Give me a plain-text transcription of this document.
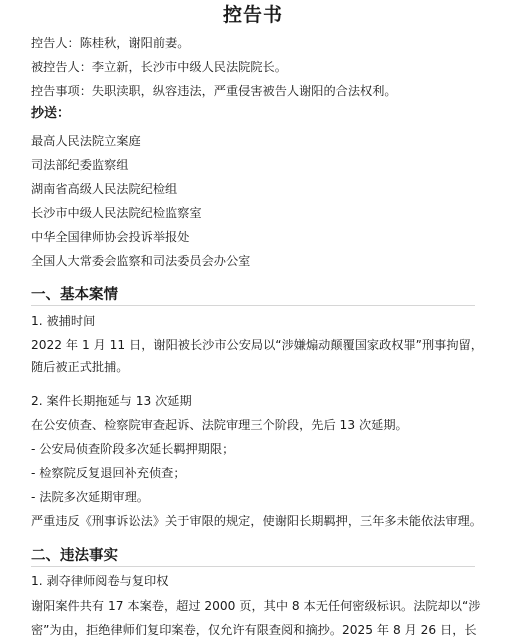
控告书
控告人：陈桂秋，谢阳前妻。
被控告人：李立新，长沙市中级人民法院院长。
控告事项：失职渎职，纵容违法，严重侵害被告人谢阳的合法权利。
抄送：
最高人民法院立案庭
司法部纪委监察组
湖南省高级人民法院纪检组
长沙市中级人民法院纪检监察室
中华全国律师协会投诉举报处
全国人大常委会监察和司法委员会办公室
一、基本案情
1. 被捕时间
2022 年 1 月 11 日，谢阳被长沙市公安局以“涉嫌煽动颠覆国家政权罪”刑事拘留，
随后被正式批捕。
2. 案件长期拖延与 13 次延期
在公安侦查、检察院审查起诉、法院审理三个阶段，先后 13 次延期。
- 公安局侦查阶段多次延长羁押期限；
- 检察院反复退回补充侦查；
- 法院多次延期审理。
严重违反《刑事诉讼法》关于审限的规定，使谢阳长期羁押，三年多未能依法审理。
二、违法事实
1. 剥夺律师阅卷与复印权
谢阳案件共有 17 本案卷，超过 2000 页，其中 8 本无任何密级标识。法院却以“涉
密”为由，拒绝律师们复印案卷，仅允许有限查阅和摘抄。2025 年 8 月 26 日，长
